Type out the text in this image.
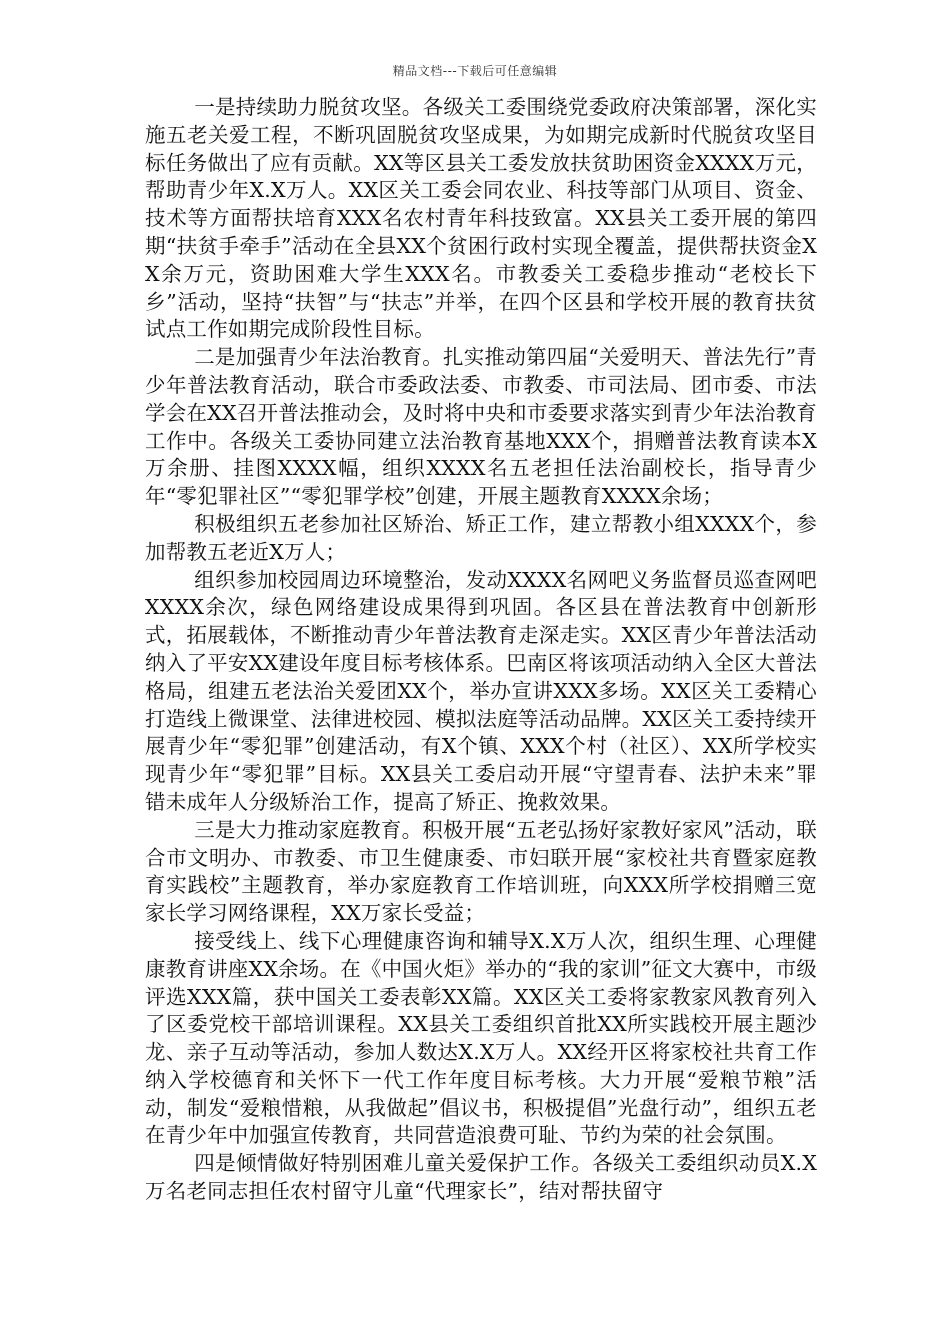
精品文档---下载后可任意编辑

一是持续助力脱贫攻坚。各级关工委围绕党委政府决策部署，深化实施五老关爱工程，不断巩固脱贫攻坚成果，为如期完成新时代脱贫攻坚目标任务做出了应有贡献。XX等区县关工委发放扶贫助困资金XXXX万元，帮助青少年X.X万人。XX区关工委会同农业、科技等部门从项目、资金、技术等方面帮扶培育XXX名农村青年科技致富。XX县关工委开展的第四期“扶贫手牵手”活动在全县XX个贫困行政村实现全覆盖，提供帮扶资金XX余万元，资助困难大学生XXX名。市教委关工委稳步推动“老校长下乡”活动，坚持“扶智”与“扶志”并举，在四个区县和学校开展的教育扶贫试点工作如期完成阶段性目标。

二是加强青少年法治教育。扎实推动第四届“关爱明天、普法先行”青少年普法教育活动，联合市委政法委、市教委、市司法局、团市委、市法学会在XX召开普法推动会，及时将中央和市委要求落实到青少年法治教育工作中。各级关工委协同建立法治教育基地XXX个，捐赠普法教育读本X万余册、挂图XXXX幅，组织XXXX名五老担任法治副校长，指导青少年“零犯罪社区”“零犯罪学校”创建，开展主题教育XXXX余场；

积极组织五老参加社区矫治、矫正工作，建立帮教小组XXXX个，参加帮教五老近X万人；

组织参加校园周边环境整治，发动XXXX名网吧义务监督员巡查网吧XXXX余次，绿色网络建设成果得到巩固。各区县在普法教育中创新形式，拓展载体，不断推动青少年普法教育走深走实。XX区青少年普法活动纳入了平安XX建设年度目标考核体系。巴南区将该项活动纳入全区大普法格局，组建五老法治关爱团XX个，举办宣讲XXX多场。XX区关工委精心打造线上微课堂、法律进校园、模拟法庭等活动品牌。XX区关工委持续开展青少年“零犯罪”创建活动，有X个镇、XXX个村（社区）、XX所学校实现青少年“零犯罪”目标。XX县关工委启动开展“守望青春、法护未来”罪错未成年人分级矫治工作，提高了矫正、挽救效果。

三是大力推动家庭教育。积极开展“五老弘扬好家教好家风”活动，联合市文明办、市教委、市卫生健康委、市妇联开展“家校社共育暨家庭教育实践校”主题教育，举办家庭教育工作培训班，向XXX所学校捐赠三宽家长学习网络课程，XX万家长受益；

接受线上、线下心理健康咨询和辅导X.X万人次，组织生理、心理健康教育讲座XX余场。在《中国火炬》举办的“我的家训”征文大赛中，市级评选XXX篇，获中国关工委表彰XX篇。XX区关工委将家教家风教育列入了区委党校干部培训课程。XX县关工委组织首批XX所实践校开展主题沙龙、亲子互动等活动，参加人数达X.X万人。XX经开区将家校社共育工作纳入学校德育和关怀下一代工作年度目标考核。大力开展“爱粮节粮”活动，制发“爱粮惜粮，从我做起”倡议书，积极提倡”光盘行动”，组织五老在青少年中加强宣传教育，共同营造浪费可耻、节约为荣的社会氛围。

四是倾情做好特别困难儿童关爱保护工作。各级关工委组织动员X.X万名老同志担任农村留守儿童“代理家长”，结对帮扶留守
